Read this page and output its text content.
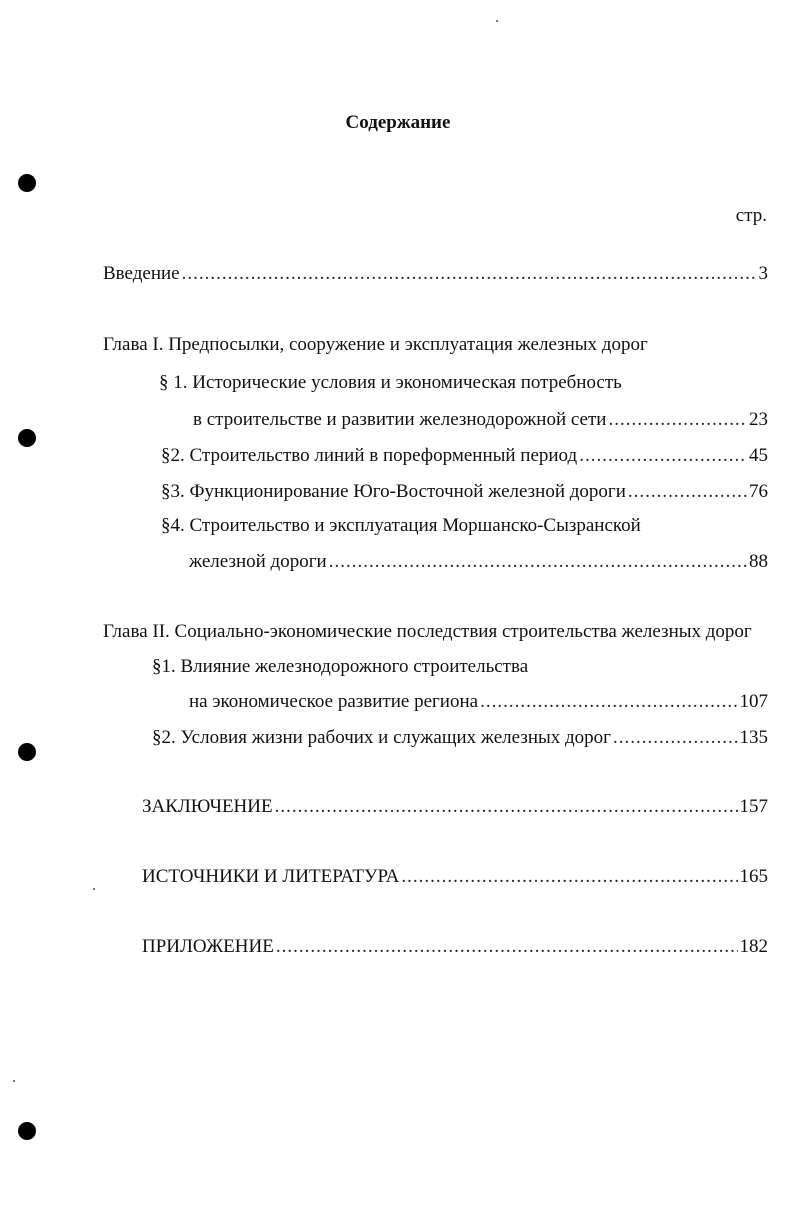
Содержание
стр.
Введение .....	3
Глава I. Предпосылки, сооружение и эксплуатация железных дорог
§ 1. Исторические условия и экономическая потребность
в строительстве и развитии железнодорожной сети .....	23
§2. Строительство линий в пореформенный период .....	45
§3. Функционирование Юго-Восточной железной дороги .....	76
§4. Строительство и эксплуатация Моршанско-Сызранской
железной дороги .....	88
Глава II. Социально-экономические последствия строительства железных дорог
§1. Влияние железнодорожного строительства
на экономическое развитие региона .....	107
§2. Условия жизни рабочих и служащих железных дорог .....	135
ЗАКЛЮЧЕНИЕ .....	157
ИСТОЧНИКИ И ЛИТЕРАТУРА .....	165
ПРИЛОЖЕНИЕ .....	182
